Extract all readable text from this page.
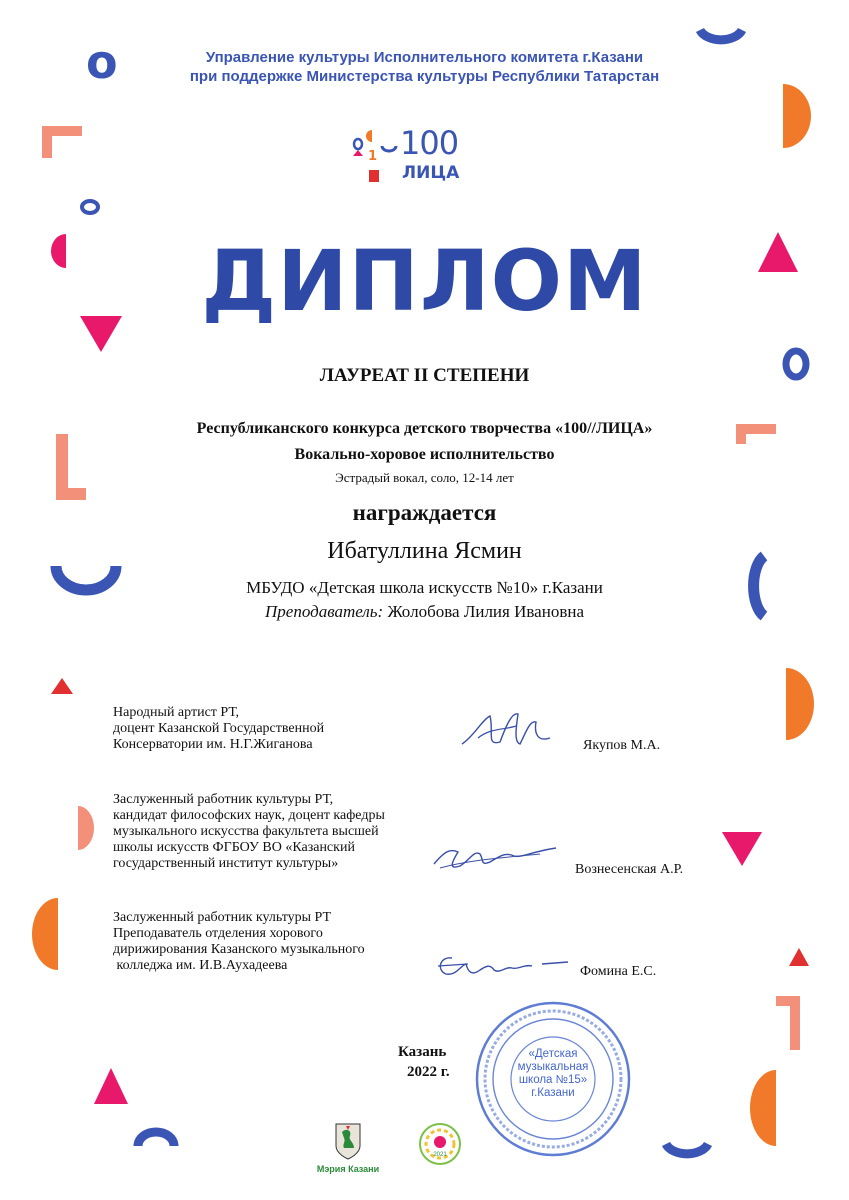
o	Управление культуры Исполнительного комитета г.Казани
при поддержке Министерства культуры Республики Татарстан
1 100
ЛИЦА
ДИПЛОМ
ЛАУРЕАТ II СТЕПЕНИ
Республиканского конкурса детского творчества «100//ЛИЦА»
Вокально-хоровое исполнительство
Эстрадый вокал, соло, 12-14 лет
награждается
Ибатуллина Ясмин
МБУДО «Детская школа искусств №10» г.Казани
Преподаватель: Жолобова Лилия Ивановна
Народный артист РТ,
доцент Казанской Государственной
Консерватории им. Н.Г.Жиганова	Якупов М.А.
Заслуженный работник культуры РТ,
кандидат философских наук, доцент кафедры
музыкального искусства факультета высшей
школы искусств ФГБОУ ВО «Казанский
государственный институт культуры»	Вознесенская А.Р.
Заслуженный работник культуры РТ
Преподаватель отделения хорового
дирижирования Казанского музыкального
колледжа им. И.В.Аухадеева	Фомина Е.С.
Казань
2022 г.
«Детская
музыкальная
школа №15»
г.Казани
Мэрия Казани
2021
